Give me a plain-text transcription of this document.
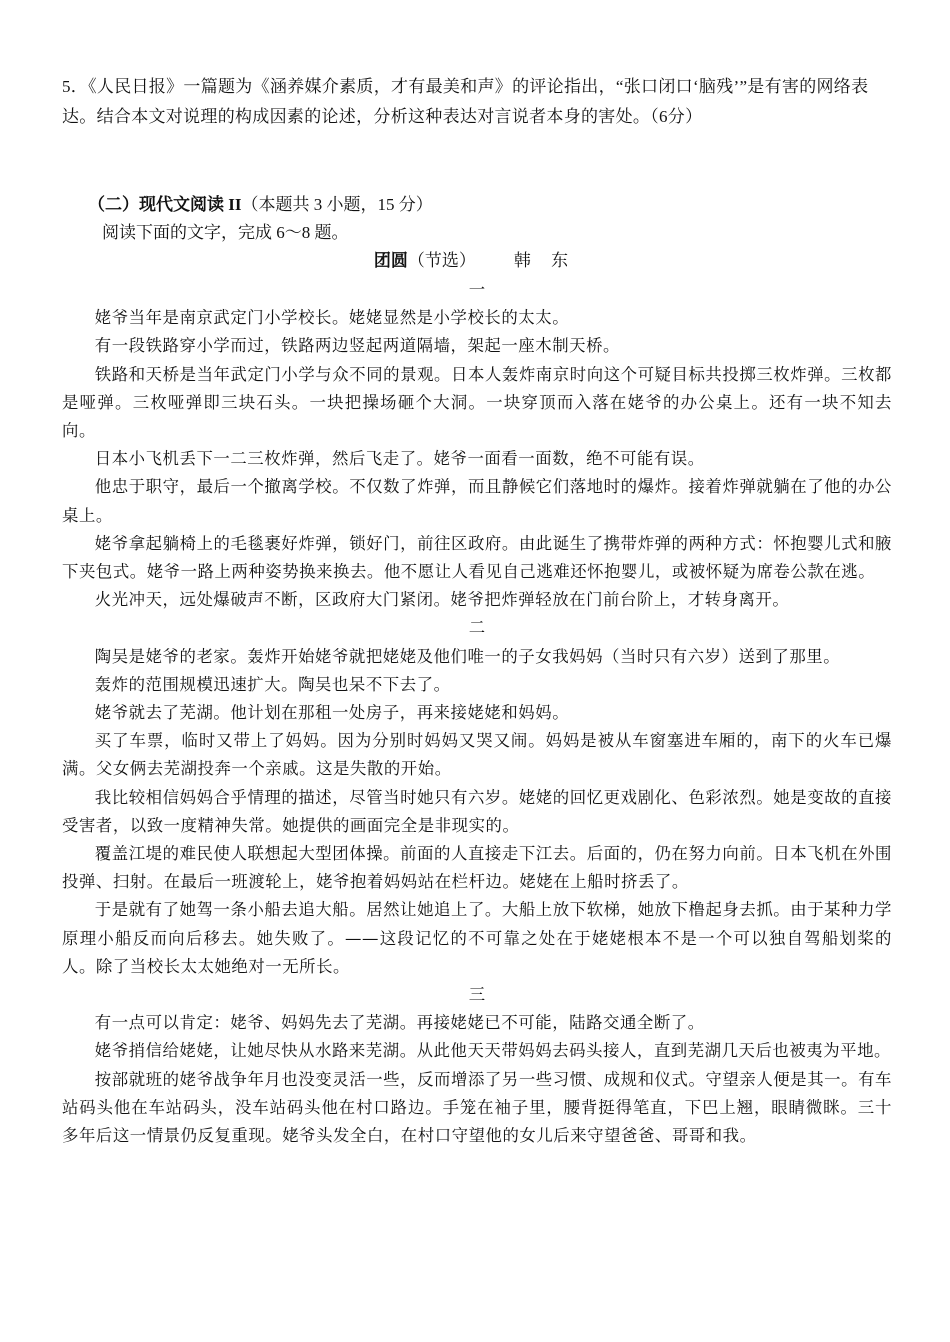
5．《人民日报》一篇题为《涵养媒介素质，才有最美和声》的评论指出，“张口闭口‘脑残’”是有害的网络表达。结合本文对说理的构成因素的论述，分析这种表达对言说者本身的害处。（6分）
（二）现代文阅读 II（本题共 3 小题，15 分）
阅读下面的文字，完成 6～8 题。
团圆（节选） 韩 东

一

姥爷当年是南京武定门小学校长。姥姥显然是小学校长的太太。

有一段铁路穿小学而过，铁路两边竖起两道隔墙，架起一座木制天桥。

铁路和天桥是当年武定门小学与众不同的景观。日本人轰炸南京时向这个可疑目标共投掷三枚炸弹。三枚都是哑弹。三枚哑弹即三块石头。一块把操场砸个大洞。一块穿顶而入落在姥爷的办公桌上。还有一块不知去向。

日本小飞机丢下一二三枚炸弹，然后飞走了。姥爷一面看一面数，绝不可能有误。

他忠于职守，最后一个撤离学校。不仅数了炸弹，而且静候它们落地时的爆炸。接着炸弹就躺在了他的办公桌上。

姥爷拿起躺椅上的毛毯裹好炸弹，锁好门，前往区政府。由此诞生了携带炸弹的两种方式：怀抱婴儿式和腋下夹包式。姥爷一路上两种姿势换来换去。他不愿让人看见自己逃难还怀抱婴儿，或被怀疑为席卷公款在逃。

火光冲天，远处爆破声不断，区政府大门紧闭。姥爷把炸弹轻放在门前台阶上，才转身离开。

二

陶吴是姥爷的老家。轰炸开始姥爷就把姥姥及他们唯一的子女我妈妈（当时只有六岁）送到了那里。

轰炸的范围规模迅速扩大。陶吴也呆不下去了。

姥爷就去了芜湖。他计划在那租一处房子，再来接姥姥和妈妈。

买了车票，临时又带上了妈妈。因为分别时妈妈又哭又闹。妈妈是被从车窗塞进车厢的，南下的火车已爆满。父女俩去芜湖投奔一个亲戚。这是失散的开始。

我比较相信妈妈合乎情理的描述，尽管当时她只有六岁。姥姥的回忆更戏剧化、色彩浓烈。她是变故的直接受害者，以致一度精神失常。她提供的画面完全是非现实的。

覆盖江堤的难民使人联想起大型团体操。前面的人直接走下江去。后面的，仍在努力向前。日本飞机在外围投弹、扫射。在最后一班渡轮上，姥爷抱着妈妈站在栏杆边。姥姥在上船时挤丢了。

于是就有了她驾一条小船去追大船。居然让她追上了。大船上放下软梯，她放下橹起身去抓。由于某种力学原理小船反而向后移去。她失败了。——这段记忆的不可靠之处在于姥姥根本不是一个可以独自驾船划桨的人。除了当校长太太她绝对一无所长。

三

有一点可以肯定：姥爷、妈妈先去了芜湖。再接姥姥已不可能，陆路交通全断了。

姥爷捎信给姥姥，让她尽快从水路来芜湖。从此他天天带妈妈去码头接人，直到芜湖几天后也被夷为平地。

按部就班的姥爷战争年月也没变灵活一些，反而增添了另一些习惯、成规和仪式。守望亲人便是其一。有车站码头他在车站码头，没车站码头他在村口路边。手笼在袖子里，腰背挺得笔直，下巴上翘，眼睛微眯。三十多年后这一情景仍反复重现。姥爷头发全白，在村口守望他的女儿后来守望爸爸、哥哥和我。
